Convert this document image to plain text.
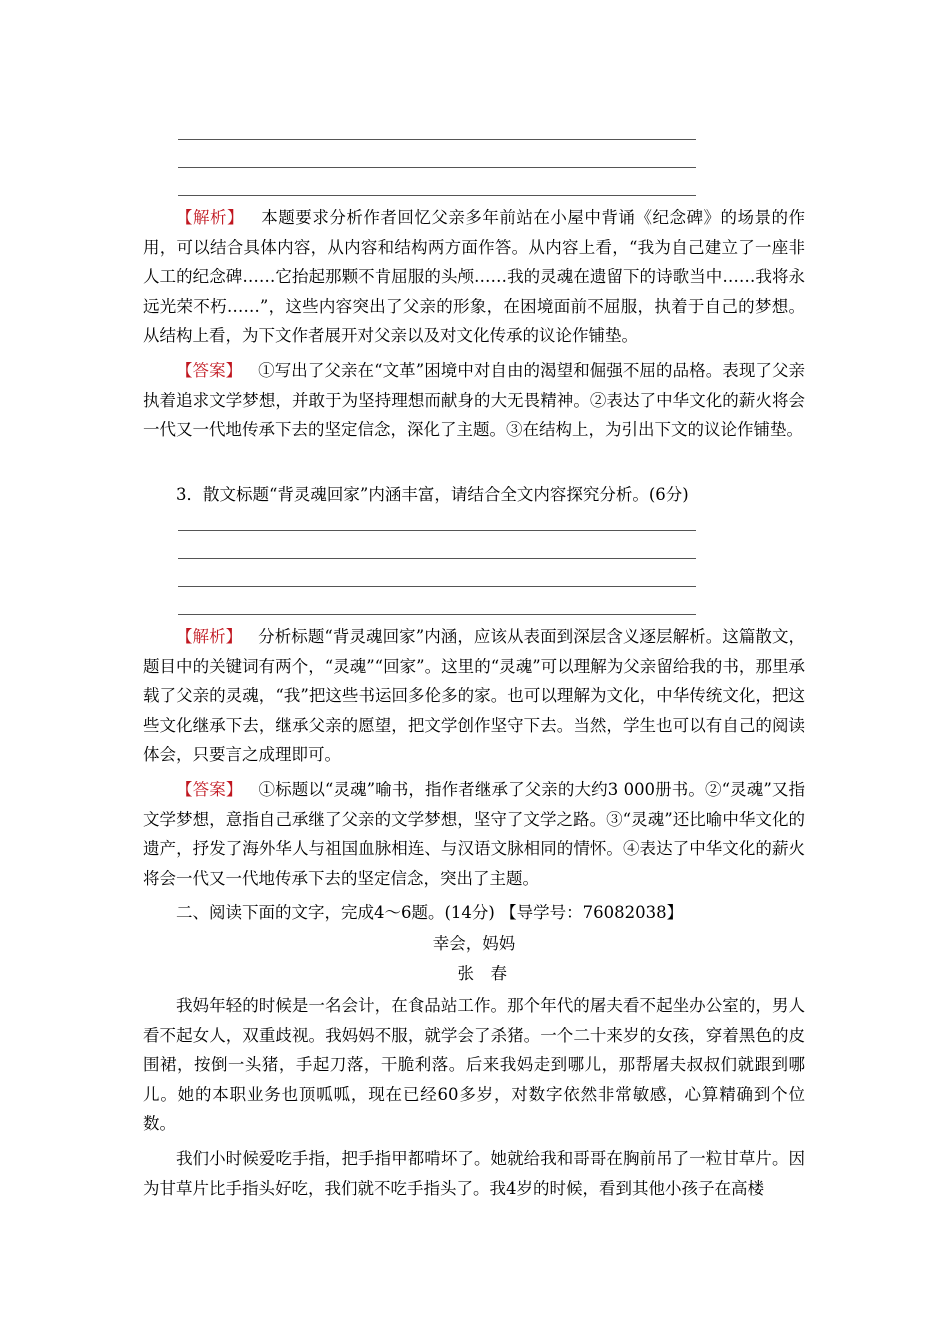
【解析】 本题要求分析作者回忆父亲多年前站在小屋中背诵《纪念碑》的场景的作用，可以结合具体内容，从内容和结构两方面作答。从内容上看，“我为自己建立了一座非人工的纪念碑……它抬起那颗不肯屈服的头颅……我的灵魂在遗留下的诗歌当中……我将永远光荣不朽……”，这些内容突出了父亲的形象，在困境面前不屈服，执着于自己的梦想。从结构上看，为下文作者展开对父亲以及对文化传承的议论作铺垫。

【答案】 ①写出了父亲在“文革”困境中对自由的渴望和倔强不屈的品格。表现了父亲执着追求文学梦想，并敢于为坚持理想而献身的大无畏精神。②表达了中华文化的薪火将会一代又一代地传承下去的坚定信念，深化了主题。③在结构上，为引出下文的议论作铺垫。

3．散文标题“背灵魂回家”内涵丰富，请结合全文内容探究分析。(6分)

【解析】 分析标题“背灵魂回家”内涵，应该从表面到深层含义逐层解析。这篇散文，题目中的关键词有两个，“灵魂”“回家”。这里的“灵魂”可以理解为父亲留给我的书，那里承载了父亲的灵魂，“我”把这些书运回多伦多的家。也可以理解为文化，中华传统文化，把这些文化继承下去，继承父亲的愿望，把文学创作坚守下去。当然，学生也可以有自己的阅读体会，只要言之成理即可。

【答案】 ①标题以“灵魂”喻书，指作者继承了父亲的大约3 000册书。②“灵魂”又指文学梦想，意指自己承继了父亲的文学梦想，坚守了文学之路。③“灵魂”还比喻中华文化的遗产，抒发了海外华人与祖国血脉相连、与汉语文脉相同的情怀。④表达了中华文化的薪火将会一代又一代地传承下去的坚定信念，突出了主题。

二、阅读下面的文字，完成4～6题。(14分) 【导学号：76082038】

幸会，妈妈
张春

我妈年轻的时候是一名会计，在食品站工作。那个年代的屠夫看不起坐办公室的，男人看不起女人，双重歧视。我妈妈不服，就学会了杀猪。一个二十来岁的女孩，穿着黑色的皮围裙，按倒一头猪，手起刀落，干脆利落。后来我妈走到哪儿，那帮屠夫叔叔们就跟到哪儿。她的本职业务也顶呱呱，现在已经60多岁，对数字依然非常敏感，心算精确到个位数。

我们小时候爱吃手指，把手指甲都啃坏了。她就给我和哥哥在胸前吊了一粒甘草片。因为甘草片比手指头好吃，我们就不吃手指头了。我4岁的时候，看到其他小孩子在高楼
